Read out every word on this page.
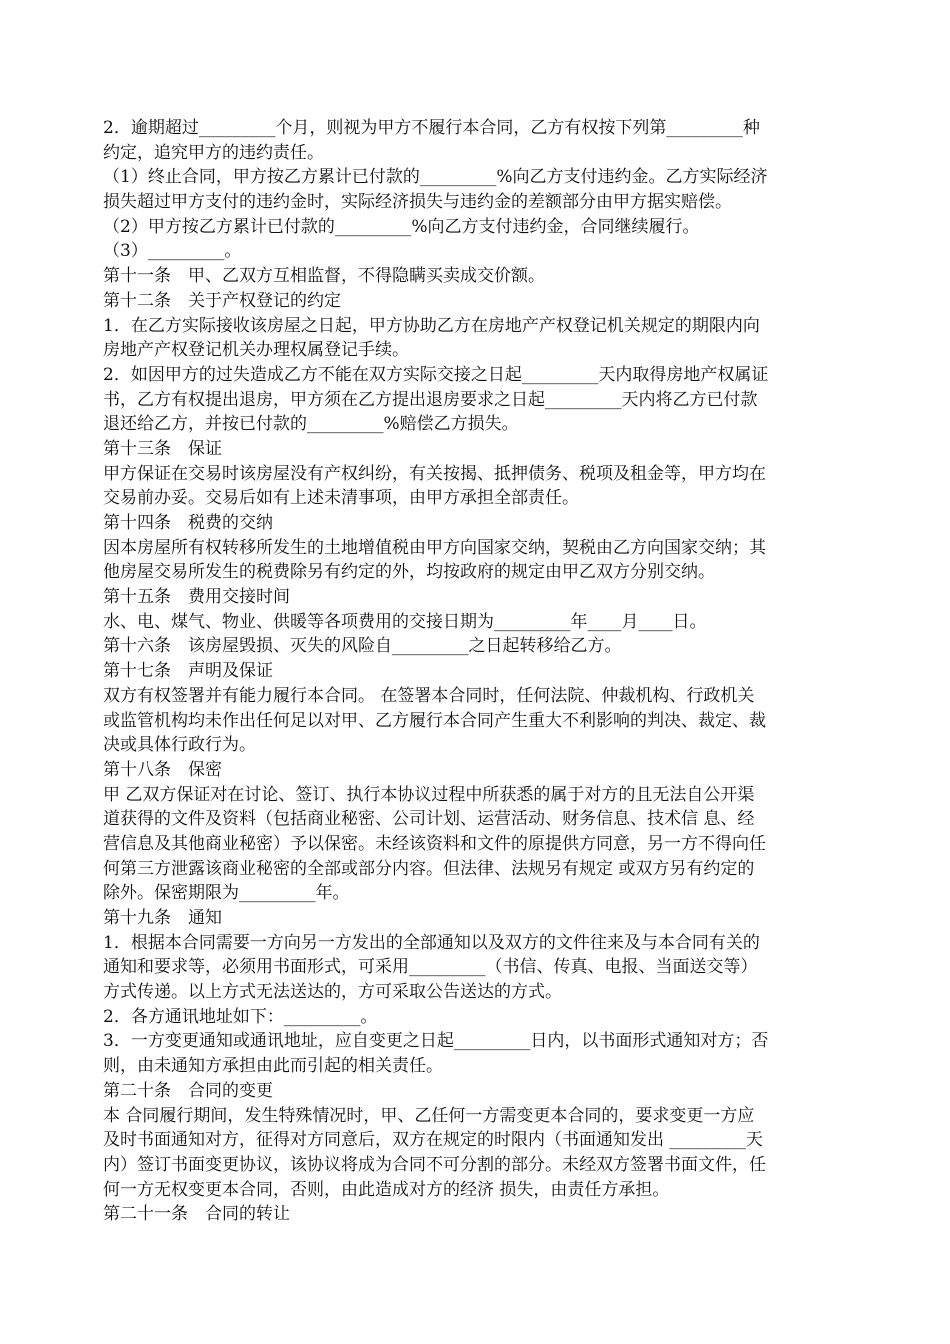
2．逾期超过_________个月，则视为甲方不履行本合同，乙方有权按下列第_________种
约定，追究甲方的违约责任。
（1）终止合同，甲方按乙方累计已付款的_________%向乙方支付违约金。乙方实际经济
损失超过甲方支付的违约金时，实际经济损失与违约金的差额部分由甲方据实赔偿。
（2）甲方按乙方累计已付款的_________%向乙方支付违约金，合同继续履行。
（3）_________。
第十一条　甲、乙双方互相监督，不得隐瞒买卖成交价额。
第十二条　关于产权登记的约定
1．在乙方实际接收该房屋之日起，甲方协助乙方在房地产产权登记机关规定的期限内向
房地产产权登记机关办理权属登记手续。
2．如因甲方的过失造成乙方不能在双方实际交接之日起_________天内取得房地产权属证
书，乙方有权提出退房，甲方须在乙方提出退房要求之日起_________天内将乙方已付款
退还给乙方，并按已付款的_________%赔偿乙方损失。
第十三条　保证
甲方保证在交易时该房屋没有产权纠纷，有关按揭、抵押债务、税项及租金等，甲方均在
交易前办妥。交易后如有上述未清事项，由甲方承担全部责任。
第十四条　税费的交纳
因本房屋所有权转移所发生的土地增值税由甲方向国家交纳，契税由乙方向国家交纳；其
他房屋交易所发生的税费除另有约定的外，均按政府的规定由甲乙双方分别交纳。
第十五条　费用交接时间
水、电、煤气、物业、供暖等各项费用的交接日期为_________年____月____日。
第十六条　该房屋毁损、灭失的风险自_________之日起转移给乙方。
第十七条　声明及保证
双方有权签署并有能力履行本合同。 在签署本合同时，任何法院、仲裁机构、行政机关
或监管机构均未作出任何足以对甲、乙方履行本合同产生重大不利影响的判决、裁定、裁
决或具体行政行为。
第十八条　保密
甲 乙双方保证对在讨论、签订、执行本协议过程中所获悉的属于对方的且无法自公开渠
道获得的文件及资料（包括商业秘密、公司计划、运营活动、财务信息、技术信 息、经
营信息及其他商业秘密）予以保密。未经该资料和文件的原提供方同意，另一方不得向任
何第三方泄露该商业秘密的全部或部分内容。但法律、法规另有规定 或双方另有约定的
除外。保密期限为_________年。
第十九条　通知
1．根据本合同需要一方向另一方发出的全部通知以及双方的文件往来及与本合同有关的
通知和要求等，必须用书面形式，可采用_________（书信、传真、电报、当面送交等）
方式传递。以上方式无法送达的，方可采取公告送达的方式。
2．各方通讯地址如下：_________。
3．一方变更通知或通讯地址，应自变更之日起_________日内，以书面形式通知对方；否
则，由未通知方承担由此而引起的相关责任。
第二十条　合同的变更
本 合同履行期间，发生特殊情况时，甲、乙任何一方需变更本合同的，要求变更一方应
及时书面通知对方，征得对方同意后，双方在规定的时限内（书面通知发出 _________天
内）签订书面变更协议，该协议将成为合同不可分割的部分。未经双方签署书面文件，任
何一方无权变更本合同，否则，由此造成对方的经济 损失，由责任方承担。
第二十一条　合同的转让
